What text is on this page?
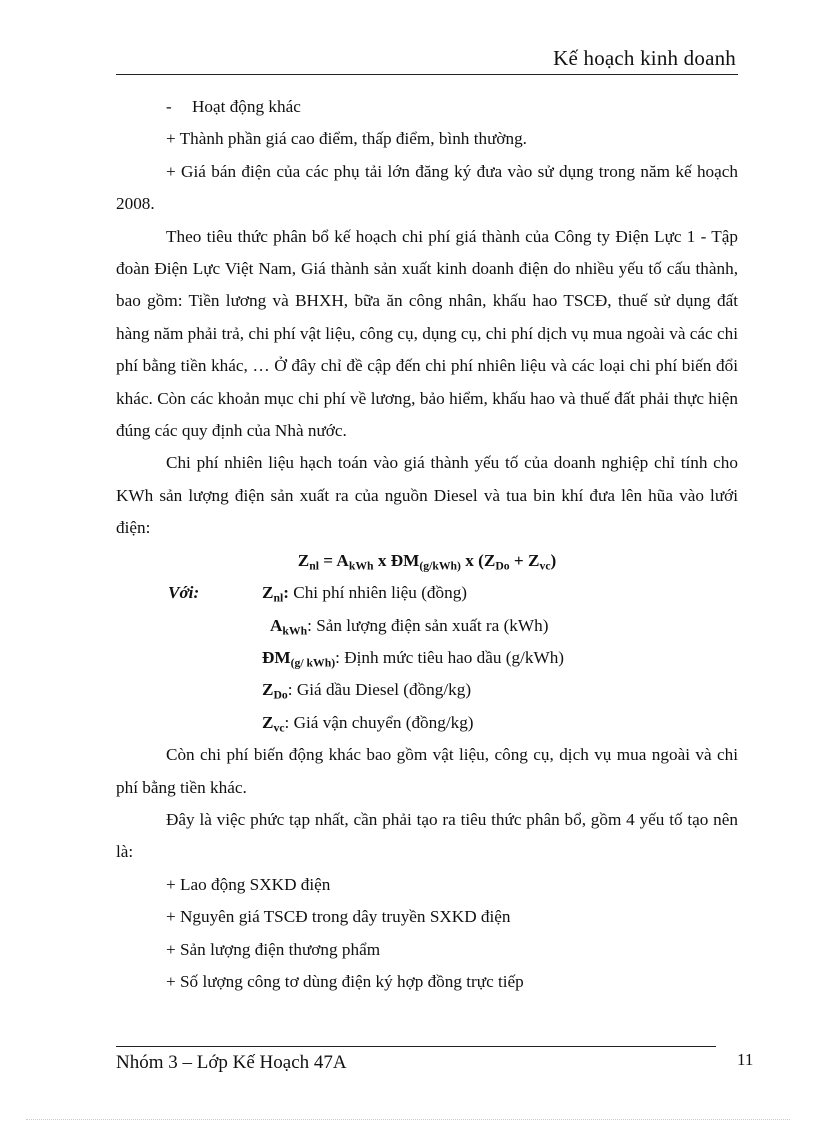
Kế hoạch kinh doanh

- Hoạt động khác

+ Thành phần giá cao điểm, thấp điểm, bình thường.

+ Giá bán điện của các phụ tải lớn đăng ký đưa vào sử dụng trong năm kế hoạch 2008.

Theo tiêu thức phân bổ kế hoạch chi phí giá thành của Công ty Điện Lực 1 - Tập đoàn Điện Lực Việt Nam, Giá thành sản xuất kinh doanh điện do nhiều yếu tố cấu thành, bao gồm: Tiền lương và BHXH, bữa ăn công nhân, khấu hao TSCĐ, thuế sử dụng đất hàng năm phải trả, chi phí vật liệu, công cụ, dụng cụ, chi phí dịch vụ mua ngoài và các chi phí bằng tiền khác, … Ở đây chỉ đề cập đến chi phí nhiên liệu và các loại chi phí biến đổi khác. Còn các khoản mục chi phí về lương, bảo hiểm, khấu hao và thuế đất phải thực hiện đúng các quy định của Nhà nước.

Chi phí nhiên liệu hạch toán vào giá thành yếu tố của doanh nghiệp chỉ tính cho KWh sản lượng điện sản xuất ra của nguồn Diesel và tua bin khí đưa lên hũa vào lưới điện:

$Z_{nl} = A_{kWh}$ x $ĐM_{(g/kWh)}$ x $(Z_{Do} + Z_{vc})$

Với:	$Z_{nl}$: Chi phí nhiên liệu (đồng)
$A_{kWh}$: Sản lượng điện sản xuất ra (kWh)
$ĐM_{(g/ kWh)}$: Định mức tiêu hao dầu (g/kWh)
$Z_{Do}$: Giá dầu Diesel (đồng/kg)
$Z_{vc}$: Giá vận chuyển (đồng/kg)

Còn chi phí biến động khác bao gồm vật liệu, công cụ, dịch vụ mua ngoài và chi phí bằng tiền khác.

Đây là việc phức tạp nhất, cần phải tạo ra tiêu thức phân bổ, gồm 4 yếu tố tạo nên là:

+ Lao động SXKD điện

+ Nguyên giá TSCĐ trong dây truyền SXKD điện

+ Sản lượng điện thương phẩm

+ Số lượng công tơ dùng điện ký hợp đồng trực tiếp

Nhóm 3 – Lớp Kế Hoạch 47A	11
